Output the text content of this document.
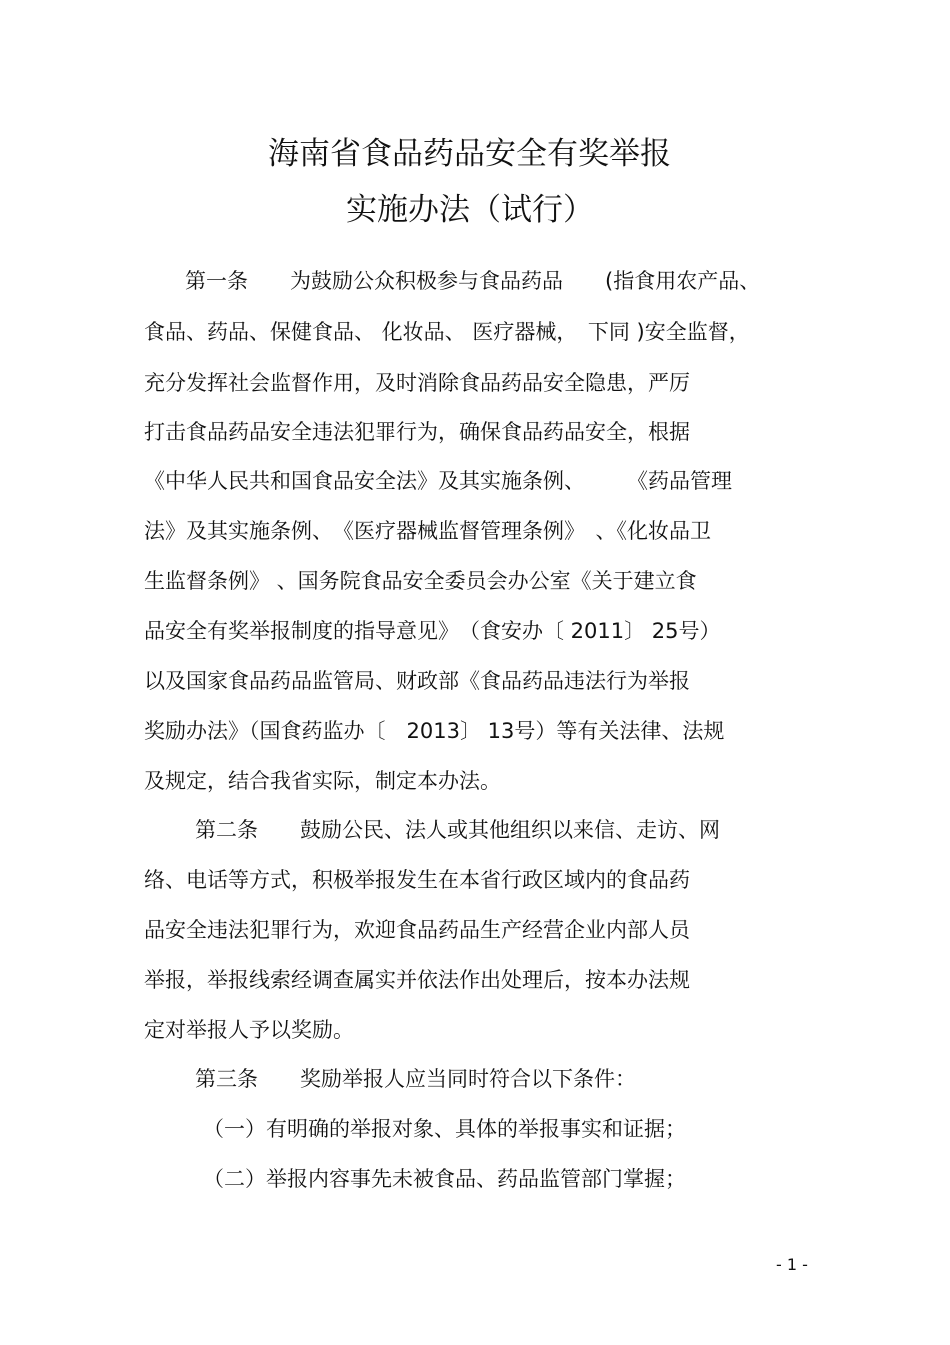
海南省食品药品安全有奖举报
实施办法（试行）
第一条　　为鼓励公众积极参与食品药品　　(指食用农产品、
食品、药品、保健食品、 化妆品、 医疗器械，　下同 )安全监督，
充分发挥社会监督作用，及时消除食品药品安全隐患，严厉
打击食品药品安全违法犯罪行为，确保食品药品安全，根据
《中华人民共和国食品安全法》及其实施条例、　　　《药品管理
法》及其实施条例、　《医疗器械监督管理条例》　、《化妆品卫
生监督条例》 、国务院食品安全委员会办公室《关于建立食
品安全有奖举报制度的指导意见》　（食安办〔 2011〕 25号）
以及国家食品药品监管局、财政部《食品药品违法行为举报
奖励办法》（国食药监办〔　2013〕 13号）等有关法律、法规
及规定，结合我省实际，制定本办法。
第二条　　鼓励公民、法人或其他组织以来信、走访、网
络、电话等方式，积极举报发生在本省行政区域内的食品药
品安全违法犯罪行为，欢迎食品药品生产经营企业内部人员
举报，举报线索经调查属实并依法作出处理后，按本办法规
定对举报人予以奖励。
第三条　　奖励举报人应当同时符合以下条件：
（一）有明确的举报对象、具体的举报事实和证据；
（二）举报内容事先未被食品、药品监管部门掌握；
- 1 -
